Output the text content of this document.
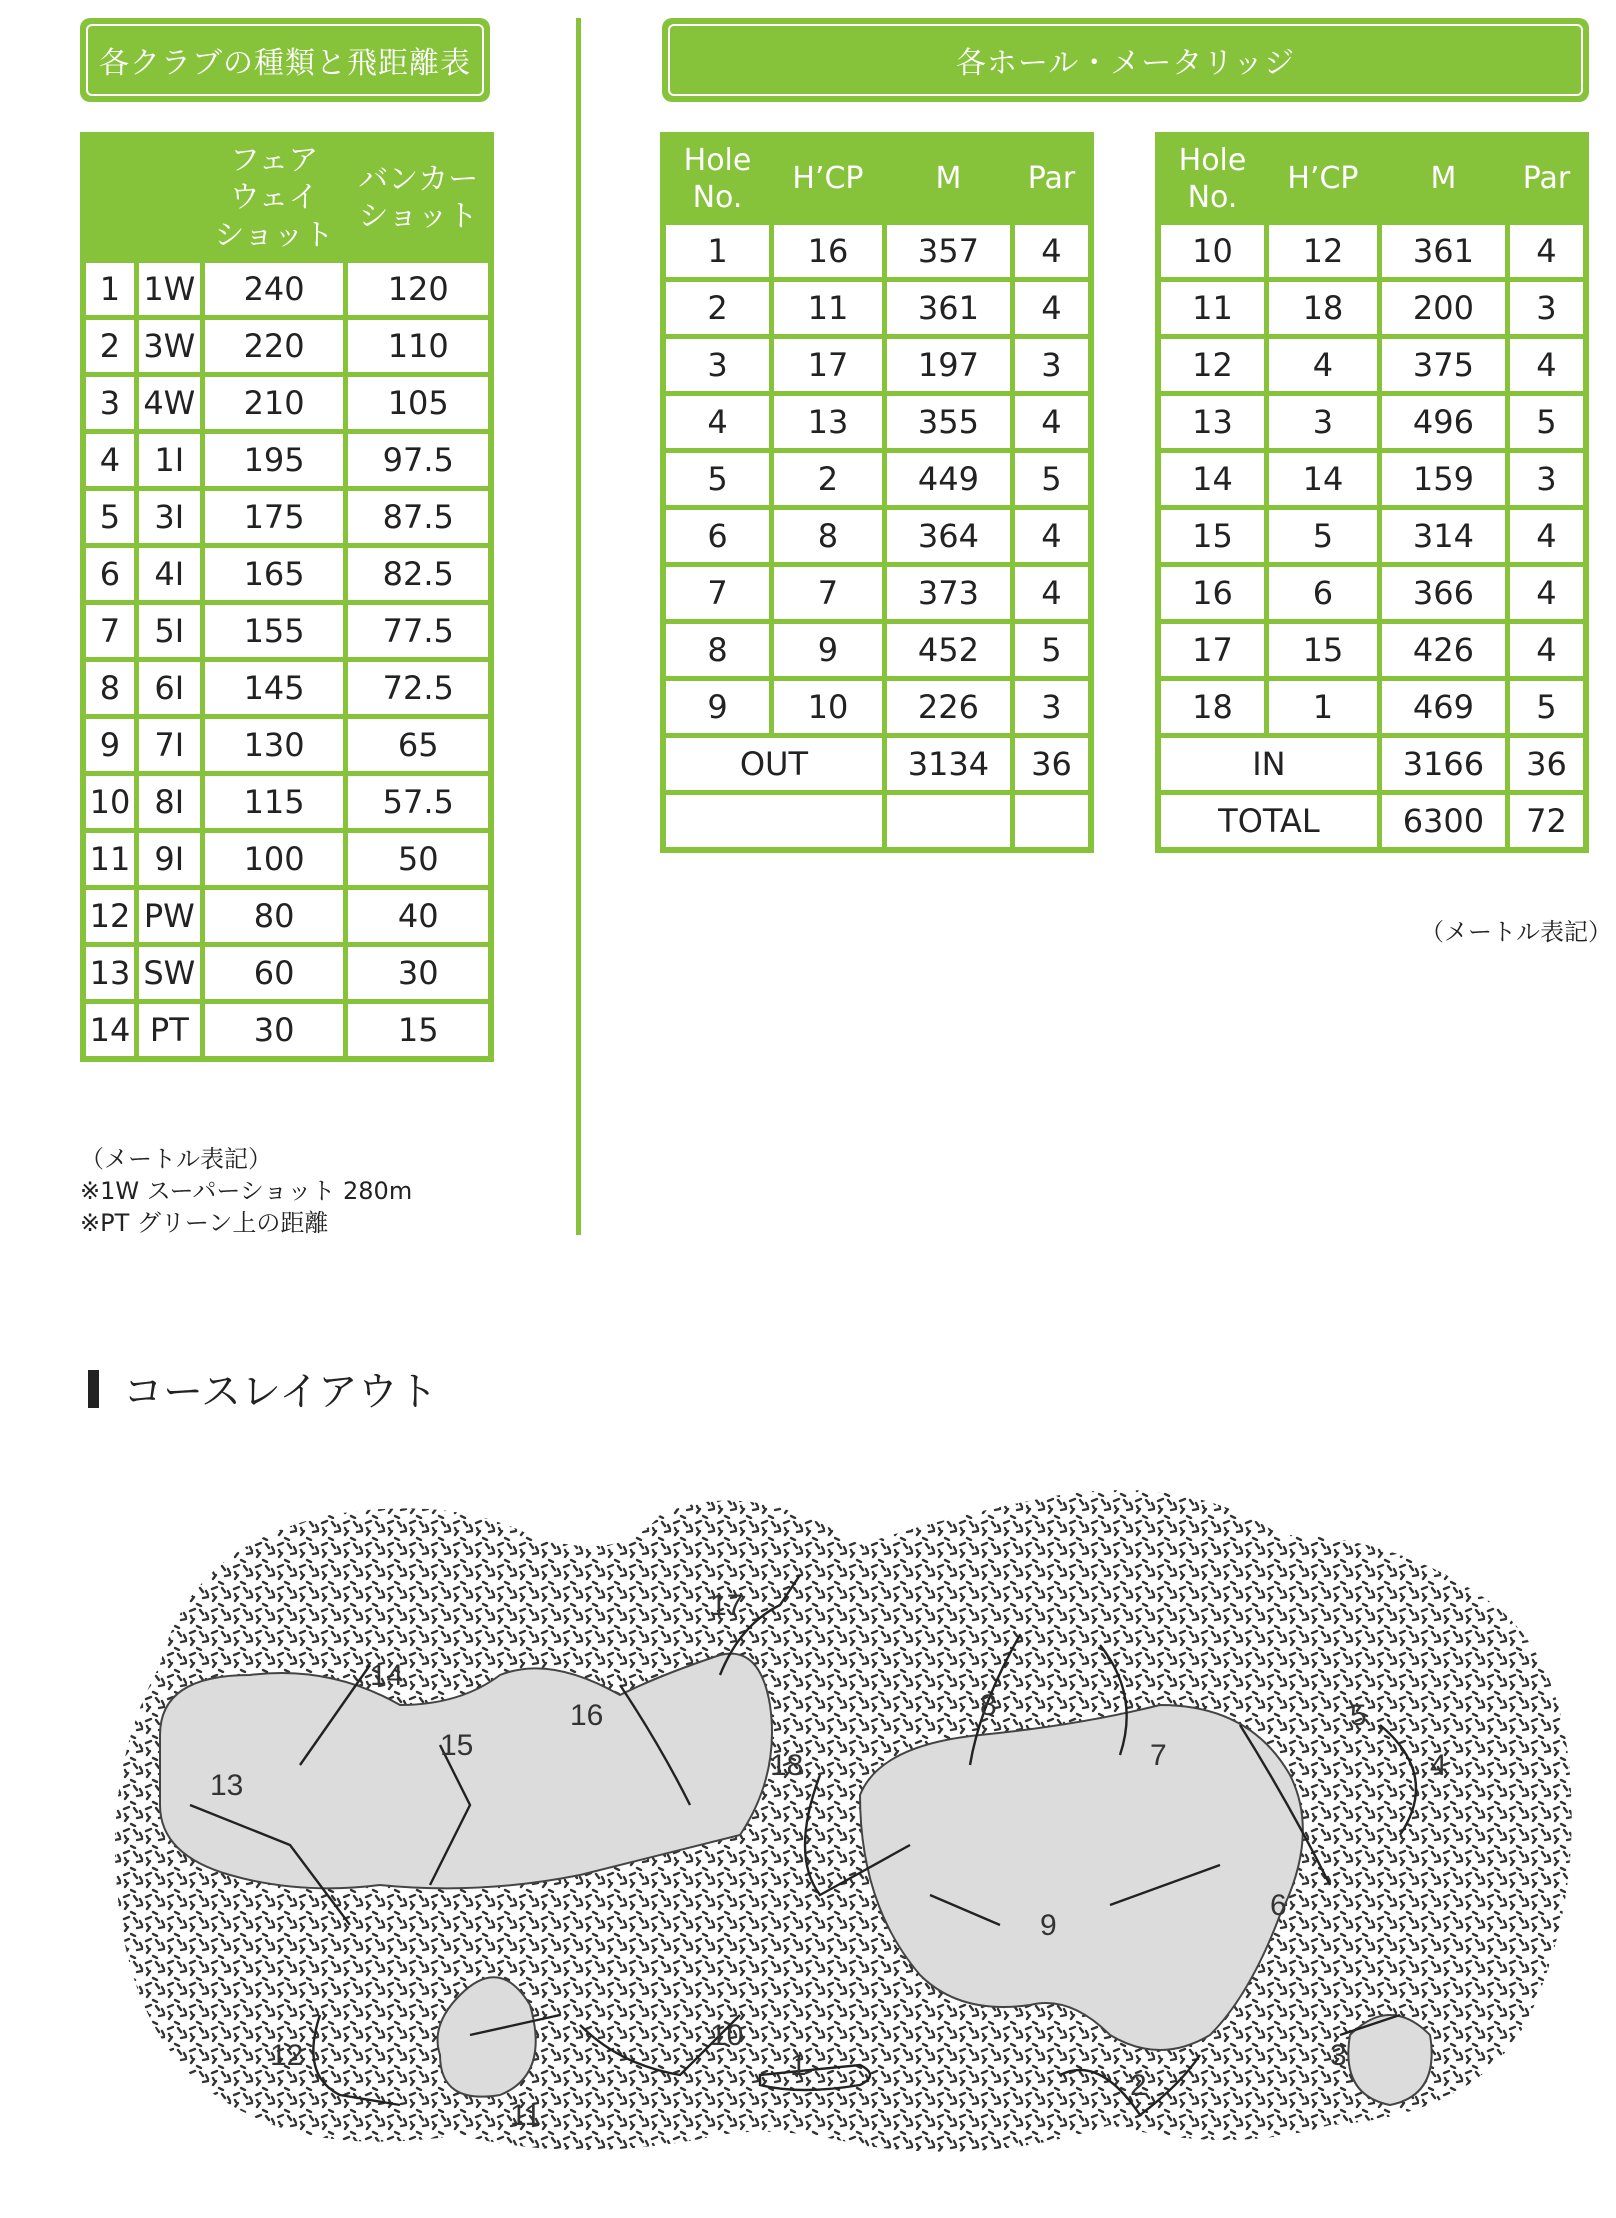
各クラブの種類と飛距離表	各ホール・メータリッジ
		フェア
ウェイ
ショット	バンカー
ショット
1	1W	240	120
2	3W	220	110
3	4W	210	105
4	1I	195	97.5
5	3I	175	87.5
6	4I	165	82.5
7	5I	155	77.5
8	6I	145	72.5
9	7I	130	65
10	8I	115	57.5
11	9I	100	50
12	PW	80	40
13	SW	60	30
14	PT	30	15
（メートル表記）
※1W スーパーショット 280m
※PT グリーン上の距離
Hole
No.	H’CP	M	Par
1	16	357	4
2	11	361	4
3	17	197	3
4	13	355	4
5	2	449	5
6	8	364	4
7	7	373	4
8	9	452	5
9	10	226	3
OUT		3134	36

Hole
No.	H’CP	M	Par
10	12	361	4
11	18	200	3
12	4	375	4
13	3	496	5
14	14	159	3
15	5	314	4
16	6	366	4
17	15	426	4
18	1	469	5
IN		3166	36
TOTAL		6300	72
（メートル表記）
コースレイアウト
1
2
3
4
5
6
7
8
9
10
11
12
13
14
15
16
17
18
